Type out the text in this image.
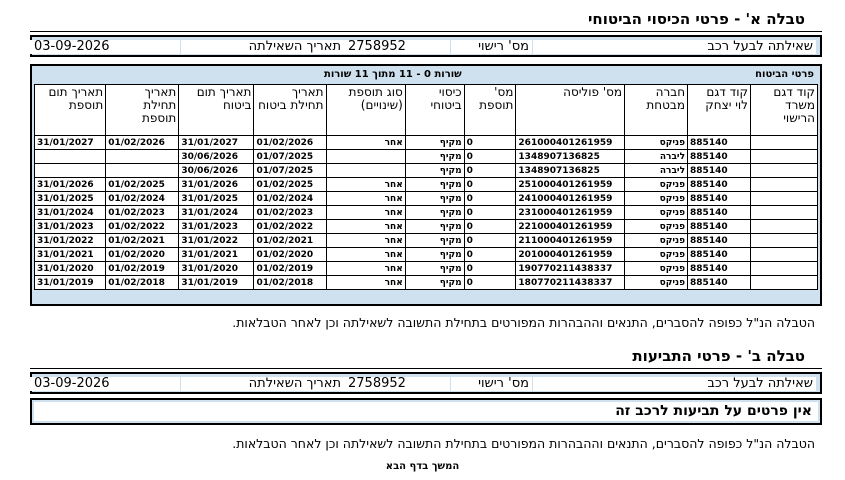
טבלה א' - פרטי הכיסוי הביטוחי
שאילתה לבעל רכב
מס' רישוי
2758952
תאריך השאילתה
03-09-2026
פרטי הביטוח
שורות 0 - 11 מתוך 11 שורות
קוד דגם משרד הרישוי	קוד דגם לוי יצחק	חברה מבטחת	מס' פוליסה	מס' תוספת	כיסוי ביטוחי	סוג תוספת (שינויים)	תאריך תחילת ביטוח	תאריך תום ביטוח	תאריך תחילת תוספת	תאריך תום תוספת
	885140	פניקס	261000401261959	0	מקיף	אחר	01/02/2026	31/01/2027	01/02/2026	31/01/2027
	885140	ליברה	1348907136825	0	מקיף		01/07/2025	30/06/2026		
	885140	ליברה	1348907136825	0	מקיף		01/07/2025	30/06/2026		
	885140	פניקס	251000401261959	0	מקיף	אחר	01/02/2025	31/01/2026	01/02/2025	31/01/2026
	885140	פניקס	241000401261959	0	מקיף	אחר	01/02/2024	31/01/2025	01/02/2024	31/01/2025
	885140	פניקס	231000401261959	0	מקיף	אחר	01/02/2023	31/01/2024	01/02/2023	31/01/2024
	885140	פניקס	221000401261959	0	מקיף	אחר	01/02/2022	31/01/2023	01/02/2022	31/01/2023
	885140	פניקס	211000401261959	0	מקיף	אחר	01/02/2021	31/01/2022	01/02/2021	31/01/2022
	885140	פניקס	201000401261959	0	מקיף	אחר	01/02/2020	31/01/2021	01/02/2020	31/01/2021
	885140	פניקס	190770211438337	0	מקיף	אחר	01/02/2019	31/01/2020	01/02/2019	31/01/2020
	885140	פניקס	180770211438337	0	מקיף	אחר	01/02/2018	31/01/2019	01/02/2018	31/01/2019
הטבלה הנ"ל כפופה להסברים, התנאים וההבהרות המפורטים בתחילת התשובה לשאילתה וכן לאחר הטבלאות.
טבלה ב' - פרטי התביעות
שאילתה לבעל רכב
מס' רישוי
2758952
תאריך השאילתה
03-09-2026
אין פרטים על תביעות לרכב זה
הטבלה הנ"ל כפופה להסברים, התנאים וההבהרות המפורטים בתחילת התשובה לשאילתה וכן לאחר הטבלאות.
המשך בדף הבא
